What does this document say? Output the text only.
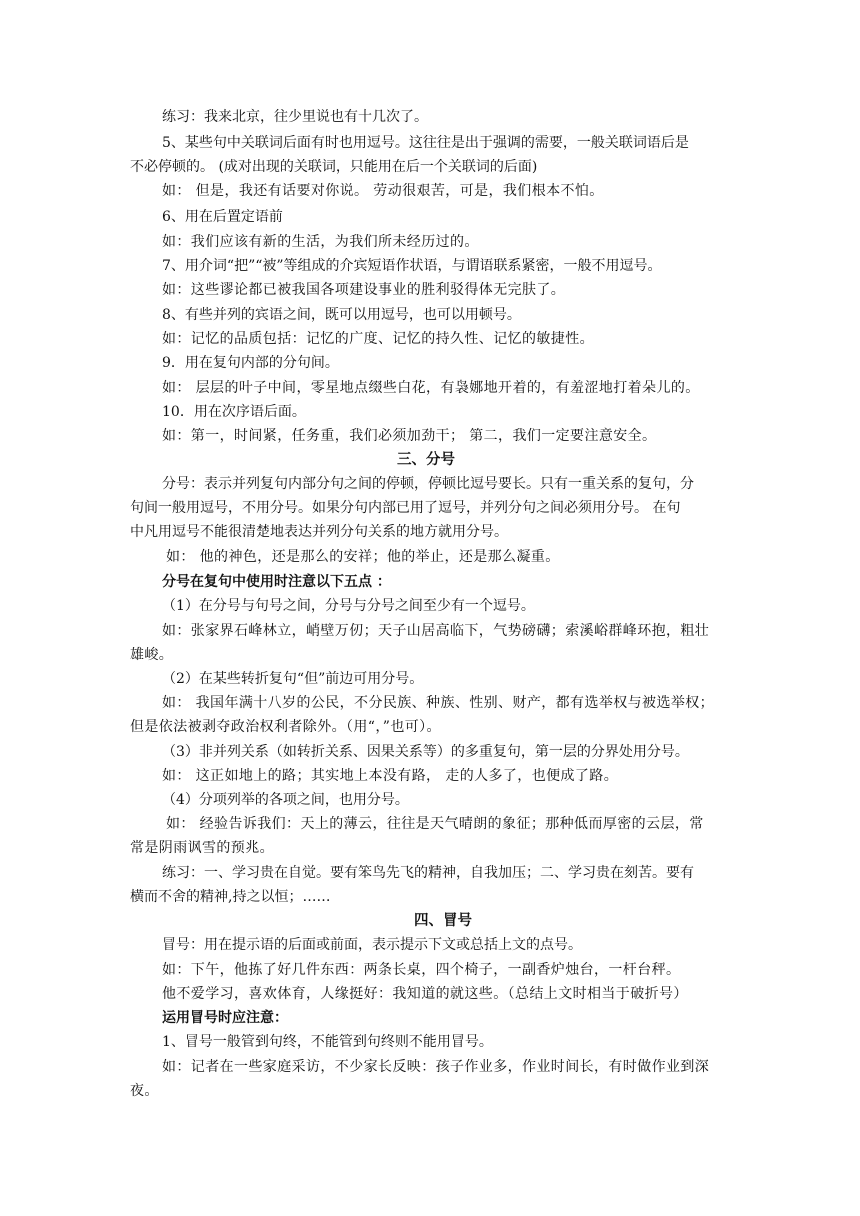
练习：我来北京，往少里说也有十几次了。
5、某些句中关联词后面有时也用逗号。这往往是出于强调的需要，一般关联词语后是
不必停顿的。 (成对出现的关联词，只能用在后一个关联词的后面)
如： 但是，我还有话要对你说。 劳动很艰苦，可是，我们根本不怕。
6、用在后置定语前
如：我们应该有新的生活，为我们所未经历过的。
7、用介词“把”“被”等组成的介宾短语作状语，与谓语联系紧密，一般不用逗号。
如：这些谬论都已被我国各项建设事业的胜利驳得体无完肤了。
8、有些并列的宾语之间，既可以用逗号，也可以用顿号。
如：记忆的品质包括：记忆的广度、记忆的持久性、记忆的敏捷性。
9．用在复句内部的分句间。
如： 层层的叶子中间，零星地点缀些白花，有袅娜地开着的，有羞涩地打着朵儿的。
10．用在次序语后面。
如：第一，时间紧，任务重，我们必须加劲干； 第二，我们一定要注意安全。
三、分号
分号：表示并列复句内部分句之间的停顿，停顿比逗号要长。只有一重关系的复句，分
句间一般用逗号，不用分号。如果分句内部已用了逗号，并列分句之间必须用分号。 在句
中凡用逗号不能很清楚地表达并列分句关系的地方就用分号。
如： 他的神色，还是那么的安祥；他的举止，还是那么凝重。
分号在复句中使用时注意以下五点 ：
（1）在分号与句号之间，分号与分号之间至少有一个逗号。
如：张家界石峰林立，峭壁万仞；天子山居高临下，气势磅礴；索溪峪群峰环抱，粗壮
雄峻。
（2）在某些转折复句“但”前边可用分号。
如： 我国年满十八岁的公民，不分民族、种族、性别、财产，都有选举权与被选举权；
但是依法被剥夺政治权利者除外。（用“，”也可）。
（3）非并列关系（如转折关系、因果关系等）的多重复句，第一层的分界处用分号。
如： 这正如地上的路；其实地上本没有路， 走的人多了，也便成了路。
（4）分项列举的各项之间，也用分号。
如： 经验告诉我们：天上的薄云，往往是天气晴朗的象征；那种低而厚密的云层，常
常是阴雨讽雪的预兆。
练习：一、学习贵在自觉。要有笨鸟先飞的精神，自我加压；二、学习贵在刻苦。要有
横而不舍的精神,持之以恒；……
四、冒号
冒号：用在提示语的后面或前面，表示提示下文或总括上文的点号。
如：下午，他拣了好几件东西：两条长桌，四个椅子，一副香炉烛台，一杆台秤。
他不爱学习，喜欢体育，人缘挺好：我知道的就这些。（总结上文时相当于破折号）
运用冒号时应注意：
1、冒号一般管到句终，不能管到句终则不能用冒号。
如：记者在一些家庭采访，不少家长反映：孩子作业多，作业时间长，有时做作业到深
夜。
